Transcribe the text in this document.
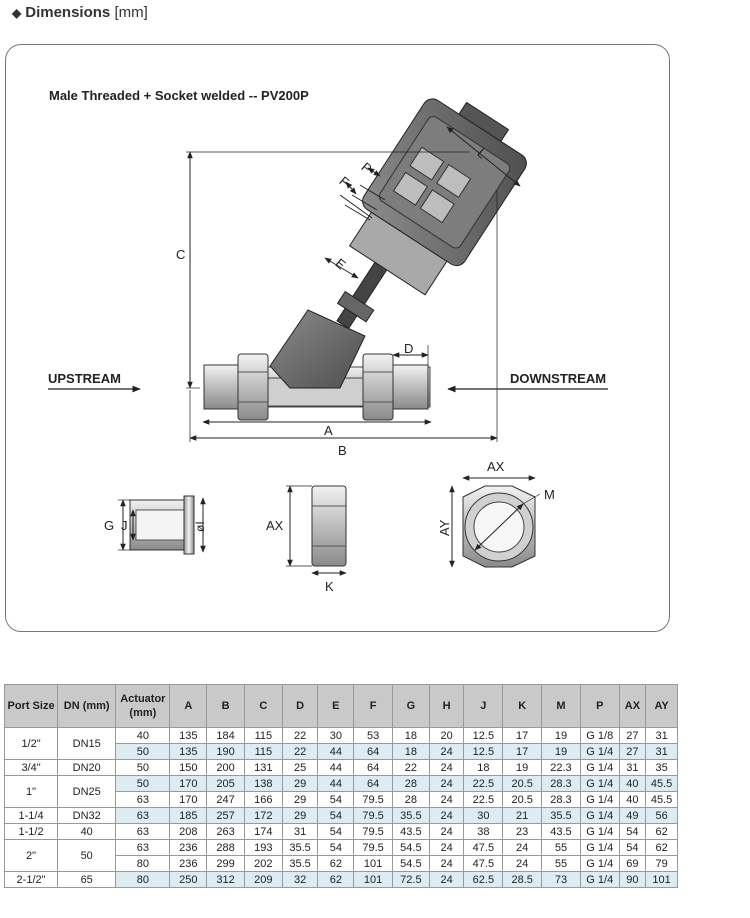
◆ Dimensions [mm]
Male Threaded + Socket welded -- PV200P
C
A
B
D
L
E
P
F
UPSTREAM	DOWNSTREAM
G J	øI	AX
K
AX
AY
M
Port Size	DN (mm)	Actuator (mm)	A	B	C	D	E	F	G	H	J	K	M	P	AX	AY
1/2"	DN15	40	135	184	115	22	30	53	18	20	12.5	17	19	G 1/8	27	31
		50	135	190	115	22	44	64	18	24	12.5	17	19	G 1/4	27	31
3/4"	DN20	50	150	200	131	25	44	64	22	24	18	19	22.3	G 1/4	31	35
1"	DN25	50	170	205	138	29	44	64	28	24	22.5	20.5	28.3	G 1/4	40	45.5
		63	170	247	166	29	54	79.5	28	24	22.5	20.5	28.3	G 1/4	40	45.5
1-1/4	DN32	63	185	257	172	29	54	79.5	35.5	24	30	21	35.5	G 1/4	49	56
1-1/2	40	63	208	263	174	31	54	79.5	43.5	24	38	23	43.5	G 1/4	54	62
2"	50	63	236	288	193	35.5	54	79.5	54.5	24	47.5	24	55	G 1/4	54	62
		80	236	299	202	35.5	62	101	54.5	24	47.5	24	55	G 1/4	69	79
2-1/2"	65	80	250	312	209	32	62	101	72.5	24	62.5	28.5	73	G 1/4	90	101
